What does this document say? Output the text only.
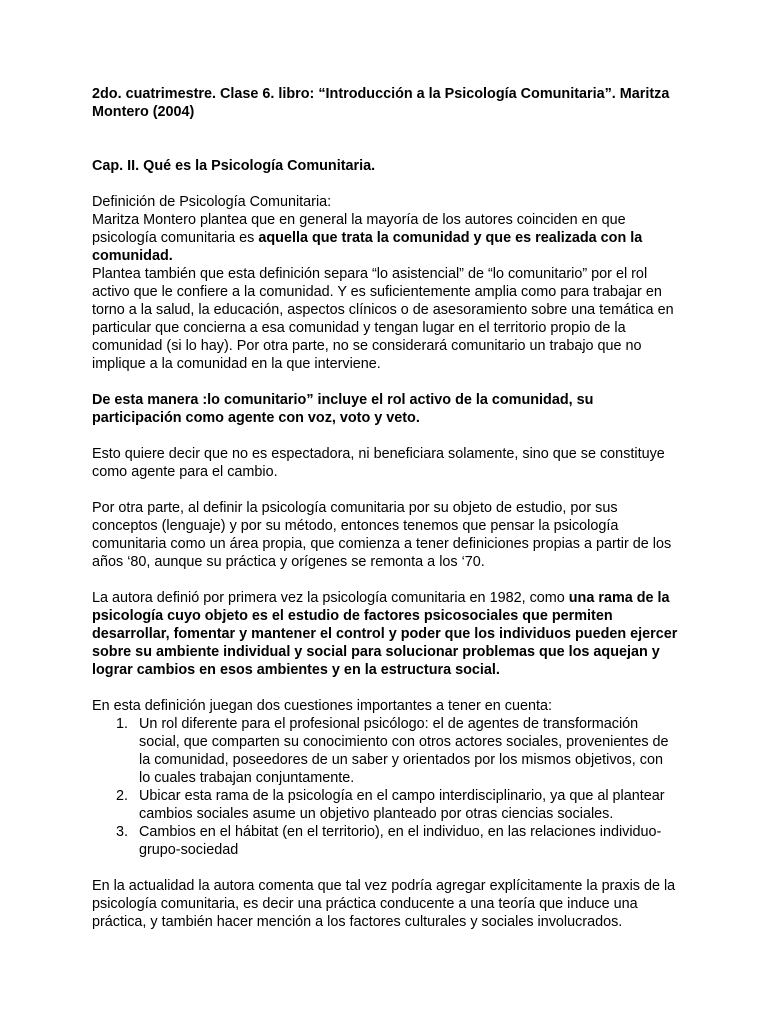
2do. cuatrimestre. Clase 6. libro: “Introducción a la Psicología Comunitaria”. Maritza Montero (2004)

Cap. II. Qué es la Psicología Comunitaria.

Definición de Psicología Comunitaria:

Maritza Montero plantea que en general la mayoría de los autores coinciden en que psicología comunitaria es aquella que trata la comunidad y que es realizada con la comunidad.

Plantea también que esta definición separa “lo asistencial” de “lo comunitario” por el rol activo que le confiere a la comunidad. Y es suficientemente amplia como para trabajar en torno a la salud, la educación, aspectos clínicos o de asesoramiento sobre una temática en particular que concierna a esa comunidad y tengan lugar en el territorio propio de la comunidad (si lo hay). Por otra parte, no se considerará comunitario un trabajo que no implique a la comunidad en la que interviene.

De esta manera :lo comunitario” incluye el rol activo de la comunidad, su participación como agente con voz, voto y veto.

Esto quiere decir que no es espectadora, ni beneficiara solamente, sino que se constituye como agente para el cambio.

Por otra parte, al definir la psicología comunitaria por su objeto de estudio, por sus conceptos (lenguaje) y por su método, entonces tenemos que pensar la psicología comunitaria como un área propia, que comienza a tener definiciones propias a partir de los años ‘80, aunque su práctica y orígenes se remonta a los ‘70.

La autora definió por primera vez la psicología comunitaria en 1982, como una rama de la psicología cuyo objeto es el estudio de factores psicosociales que permiten desarrollar, fomentar y mantener el control y poder que los individuos pueden ejercer sobre su ambiente individual y social para solucionar problemas que los aquejan y lograr cambios en esos ambientes y en la estructura social.

En esta definición juegan dos cuestiones importantes a tener en cuenta:

1. Un rol diferente para el profesional psicólogo: el de agentes de transformación social, que comparten su conocimiento con otros actores sociales, provenientes de la comunidad, poseedores de un saber y orientados por los mismos objetivos, con lo cuales trabajan conjuntamente.
2. Ubicar esta rama de la psicología en el campo interdisciplinario, ya que al plantear cambios sociales asume un objetivo planteado por otras ciencias sociales.
3. Cambios en el hábitat (en el territorio), en el individuo, en las relaciones individuo-grupo-sociedad

En la actualidad la autora comenta que tal vez podría agregar explícitamente la praxis de la psicología comunitaria, es decir una práctica conducente a una teoría que induce una práctica, y también hacer mención a los factores culturales y sociales involucrados.
